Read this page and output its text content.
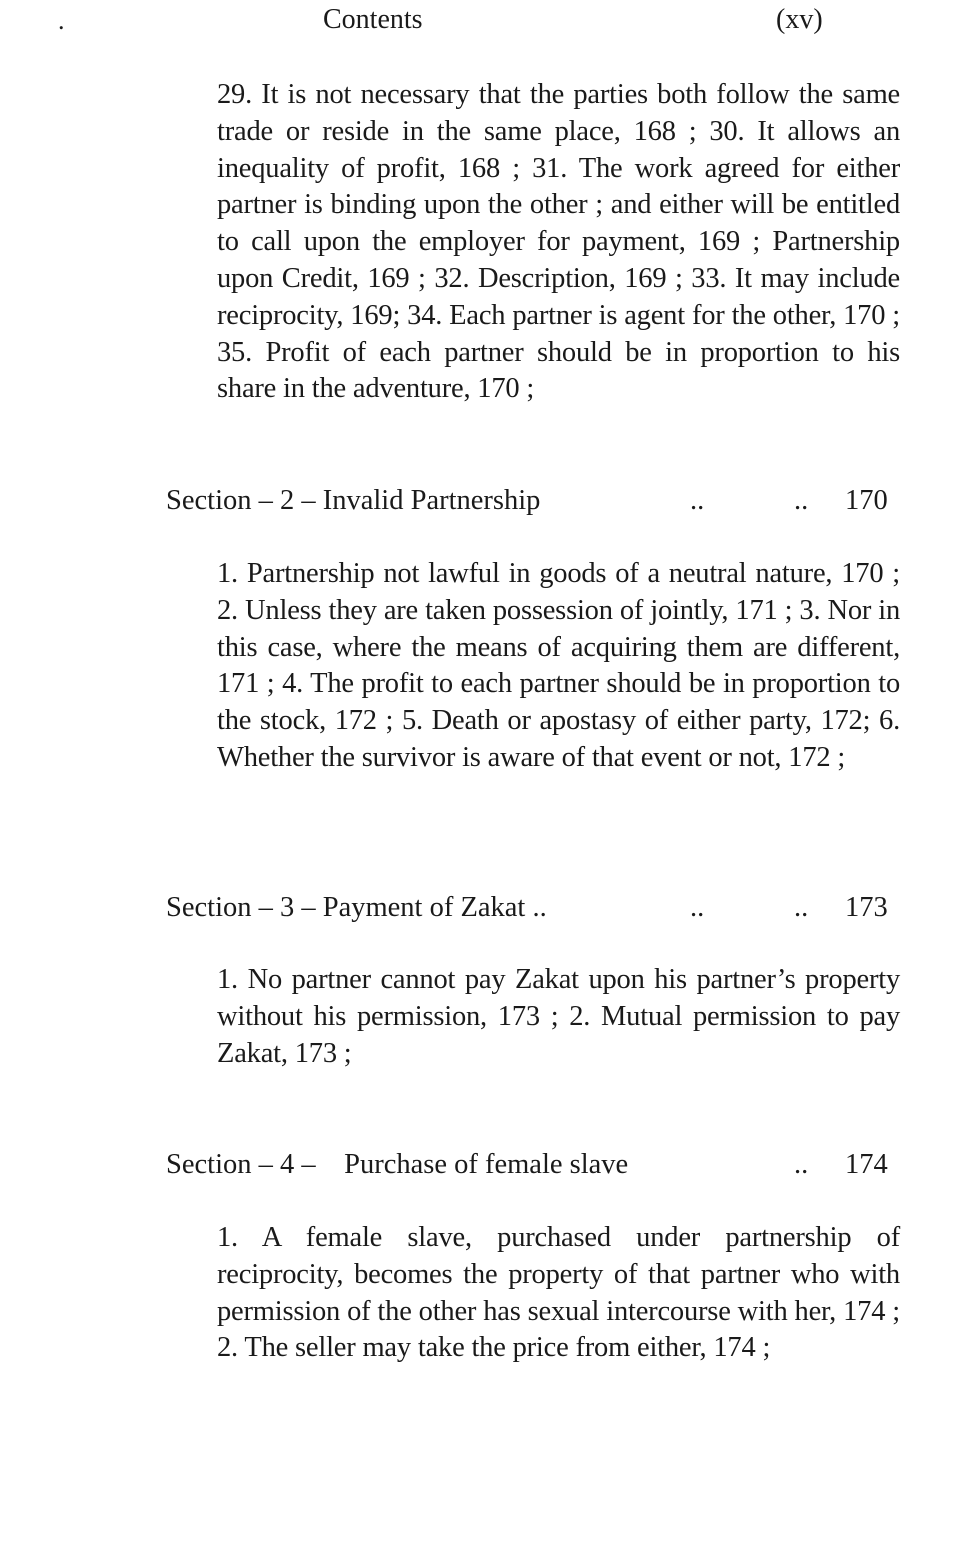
.	Contents	(xv)

29. It is not necessary that the parties both follow the same trade or reside in the same place, 168 ; 30. It allows an inequality of profit, 168 ; 31. The work agreed for either partner is binding upon the other ; and either will be entitled to call upon the employer for payment, 169 ; Partnership upon Credit, 169 ; 32. Description, 169 ; 33. It may include reciprocity, 169; 34. Each partner is agent for the other, 170 ; 35. Profit of each partner should be in proportion to his share in the adventure, 170 ;

Section – 2 – Invalid Partnership	..	.. 170

1. Partnership not lawful in goods of a neutral nature, 170 ; 2. Unless they are taken possession of jointly, 171 ; 3. Nor in this case, where the means of acquiring them are different, 171 ; 4. The profit to each partner should be in proportion to the stock, 172 ; 5. Death or apostasy of either party, 172; 6. Whether the survivor is aware of that event or not, 172 ;

Section – 3 – Payment of Zakat ..	..	.. 173

1. No partner cannot pay Zakat upon his partner’s property without his permission, 173 ; 2. Mutual permission to pay Zakat, 173 ;

Section – 4 –    Purchase of female slave	.. 174

1. A female slave, purchased under partnership of reciprocity, becomes the property of that partner who with permission of the other has sexual intercourse with her, 174 ; 2. The seller may take the price from either, 174 ;
